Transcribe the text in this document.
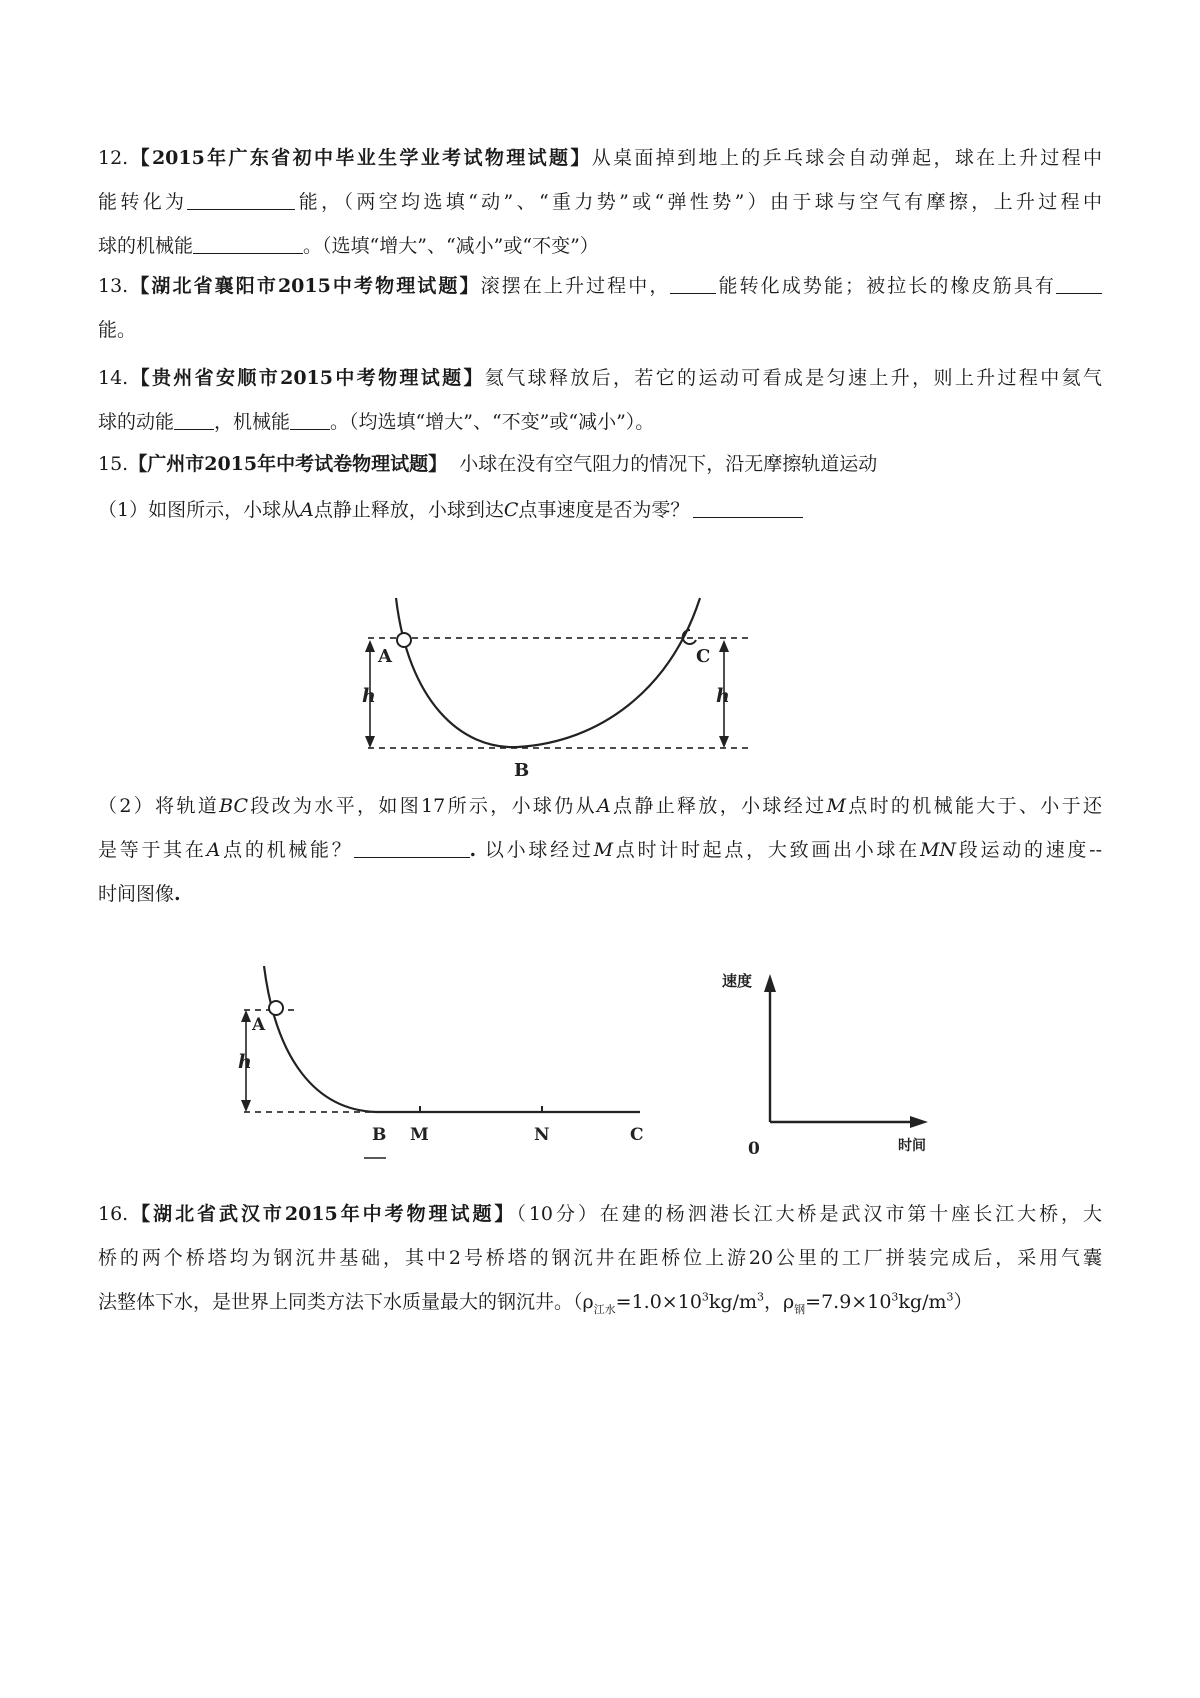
12.【2015年广东省初中毕业生学业考试物理试题】从桌面掉到地上的乒乓球会自动弹起，球在上升过程中
能转化为	能，（两空均选填“动”、“重力势”或“弹性势”）由于球与空气有摩擦，上升过程中
球的机械能	。（选填“增大”、“减小”或“不变”）
13.【湖北省襄阳市2015中考物理试题】滚摆在上升过程中， 能转化成势能；被拉长的橡皮筋具有
能。
14.【贵州省安顺市2015中考物理试题】氦气球释放后，若它的运动可看成是匀速上升，则上升过程中氦气
球的动能 ，机械能 。（均选填“增大”、“不变”或“减小”）。
15.【广州市2015年中考试卷物理试题】 小球在没有空气阻力的情况下，沿无摩擦轨道运动
（1）如图所示，小球从A点静止释放，小球到达C点事速度是否为零？
A	C
h	h
B
（2）将轨道BC段改为水平，如图17所示，小球仍从A点静止释放，小球经过M点时的机械能大于、小于还
是等于其在A点的机械能？	. 以小球经过M点时计时起点，大致画出小球在MN段运动的速度--
时间图像.
A
h
B M	N	C
速度
时间
0
16.【湖北省武汉市2015年中考物理试题】（10分）在建的杨泗港长江大桥是武汉市第十座长江大桥，大
桥的两个桥塔均为钢沉井基础，其中2号桥塔的钢沉井在距桥位上游20公里的工厂拼装完成后，采用气囊
法整体下水，是世界上同类方法下水质量最大的钢沉井。（$\rho_{江水}=1.0\times 10^3kg/m^3$，$\rho_钢=7.9\times 10^3kg/m^3$）
